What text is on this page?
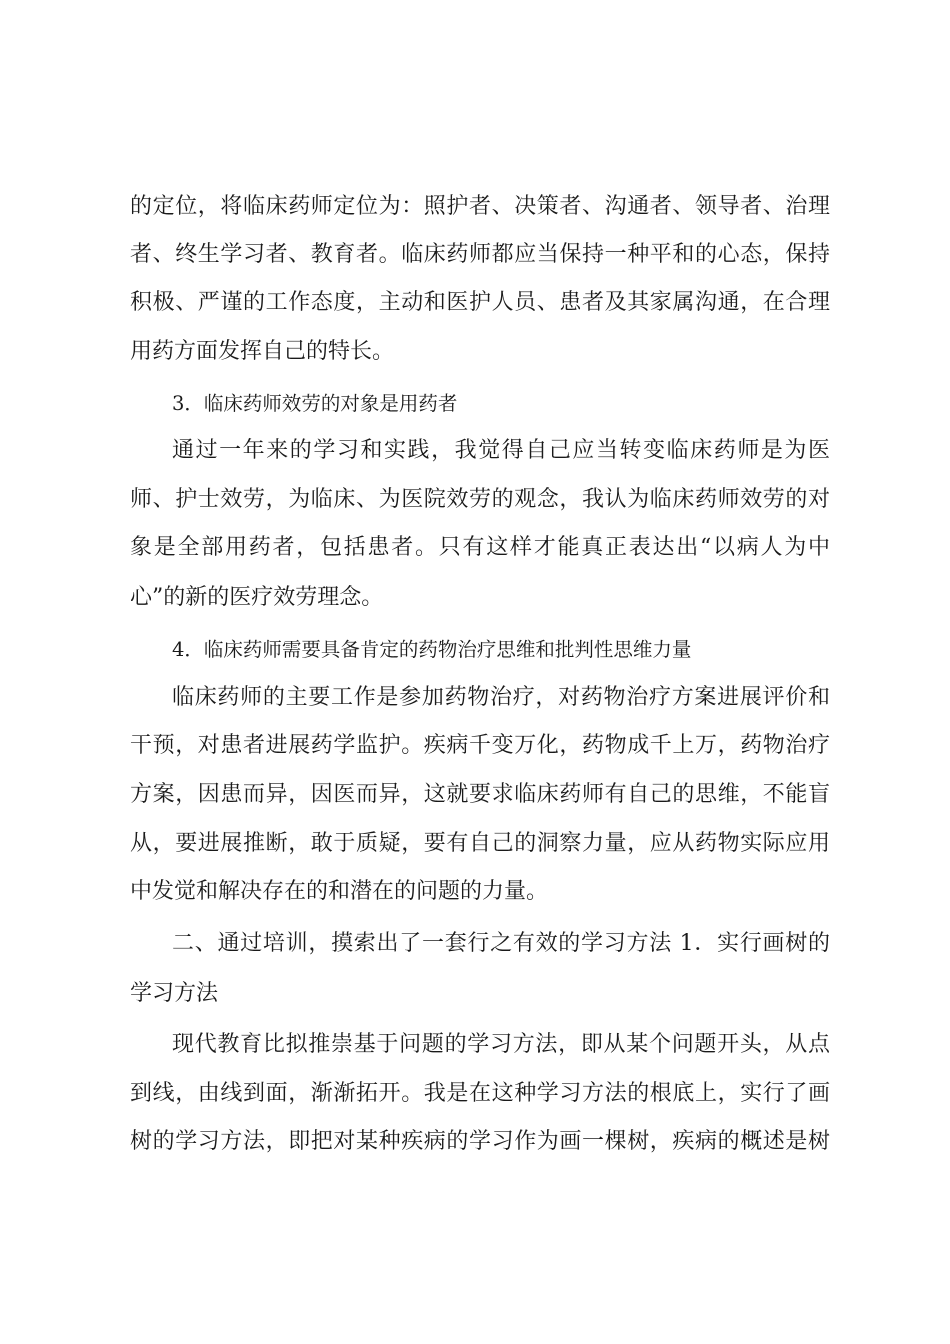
的定位，将临床药师定位为：照护者、决策者、沟通者、领导者、治理
者、终生学习者、教育者。临床药师都应当保持一种平和的心态，保持
积极、严谨的工作态度，主动和医护人员、患者及其家属沟通，在合理
用药方面发挥自己的特长。
3．临床药师效劳的对象是用药者
通过一年来的学习和实践，我觉得自己应当转变临床药师是为医
师、护士效劳，为临床、为医院效劳的观念，我认为临床药师效劳的对
象是全部用药者，包括患者。只有这样才能真正表达出“以病人为中
心”的新的医疗效劳理念。
4．临床药师需要具备肯定的药物治疗思维和批判性思维力量
临床药师的主要工作是参加药物治疗，对药物治疗方案进展评价和
干预，对患者进展药学监护。疾病千变万化，药物成千上万，药物治疗
方案，因患而异，因医而异，这就要求临床药师有自己的思维，不能盲
从，要进展推断，敢于质疑，要有自己的洞察力量，应从药物实际应用
中发觉和解决存在的和潜在的问题的力量。
二、通过培训，摸索出了一套行之有效的学习方法 1．实行画树的
学习方法
现代教育比拟推崇基于问题的学习方法，即从某个问题开头，从点
到线，由线到面，渐渐拓开。我是在这种学习方法的根底上，实行了画
树的学习方法，即把对某种疾病的学习作为画一棵树，疾病的概述是树
